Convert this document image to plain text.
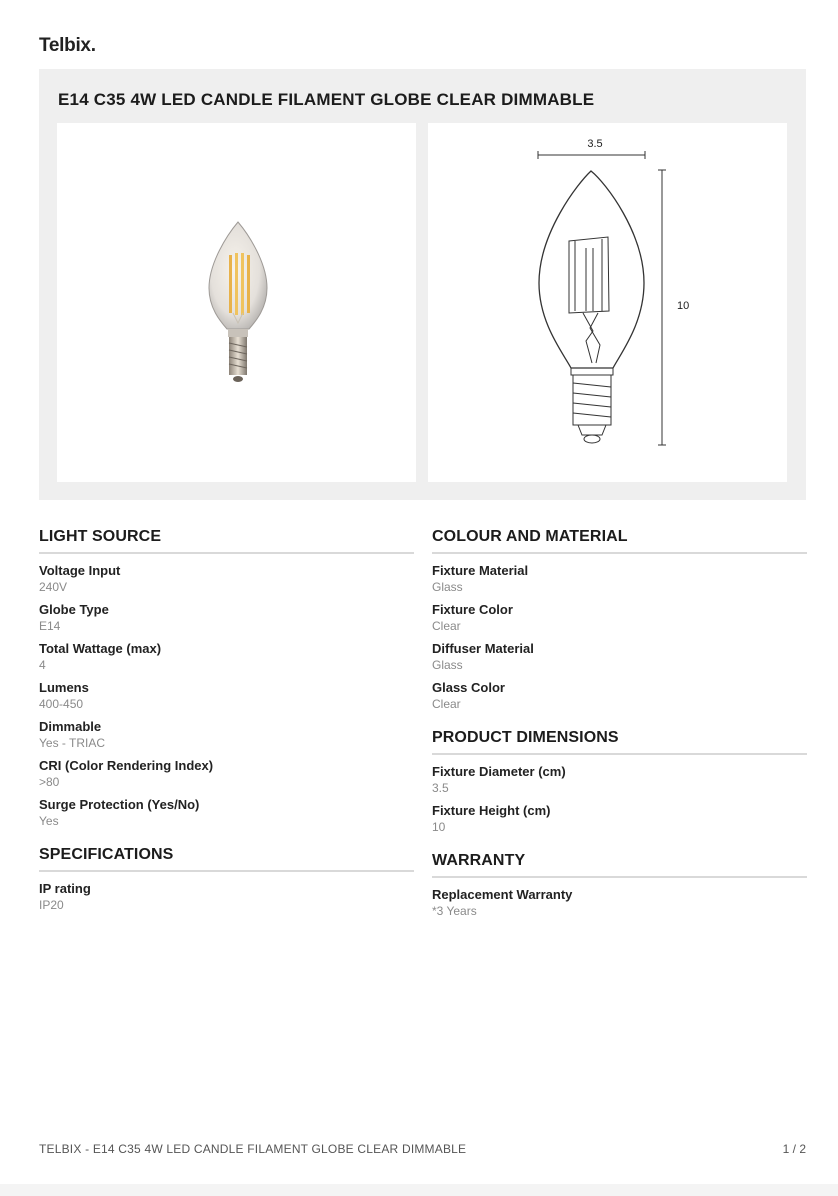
Telbix.
E14 C35 4W LED CANDLE FILAMENT GLOBE CLEAR DIMMABLE
3.5
10
LIGHT SOURCE
Voltage Input
240V
Globe Type
E14
Total Wattage (max)
4
Lumens
400-450
Dimmable
Yes - TRIAC
CRI (Color Rendering Index)
>80
Surge Protection (Yes/No)
Yes
SPECIFICATIONS
IP rating
IP20
COLOUR AND MATERIAL
Fixture Material
Glass
Fixture Color
Clear
Diffuser Material
Glass
Glass Color
Clear
PRODUCT DIMENSIONS
Fixture Diameter (cm)
3.5
Fixture Height (cm)
10
WARRANTY
Replacement Warranty
*3 Years
TELBIX - E14 C35 4W LED CANDLE FILAMENT GLOBE CLEAR DIMMABLE	1 / 2
